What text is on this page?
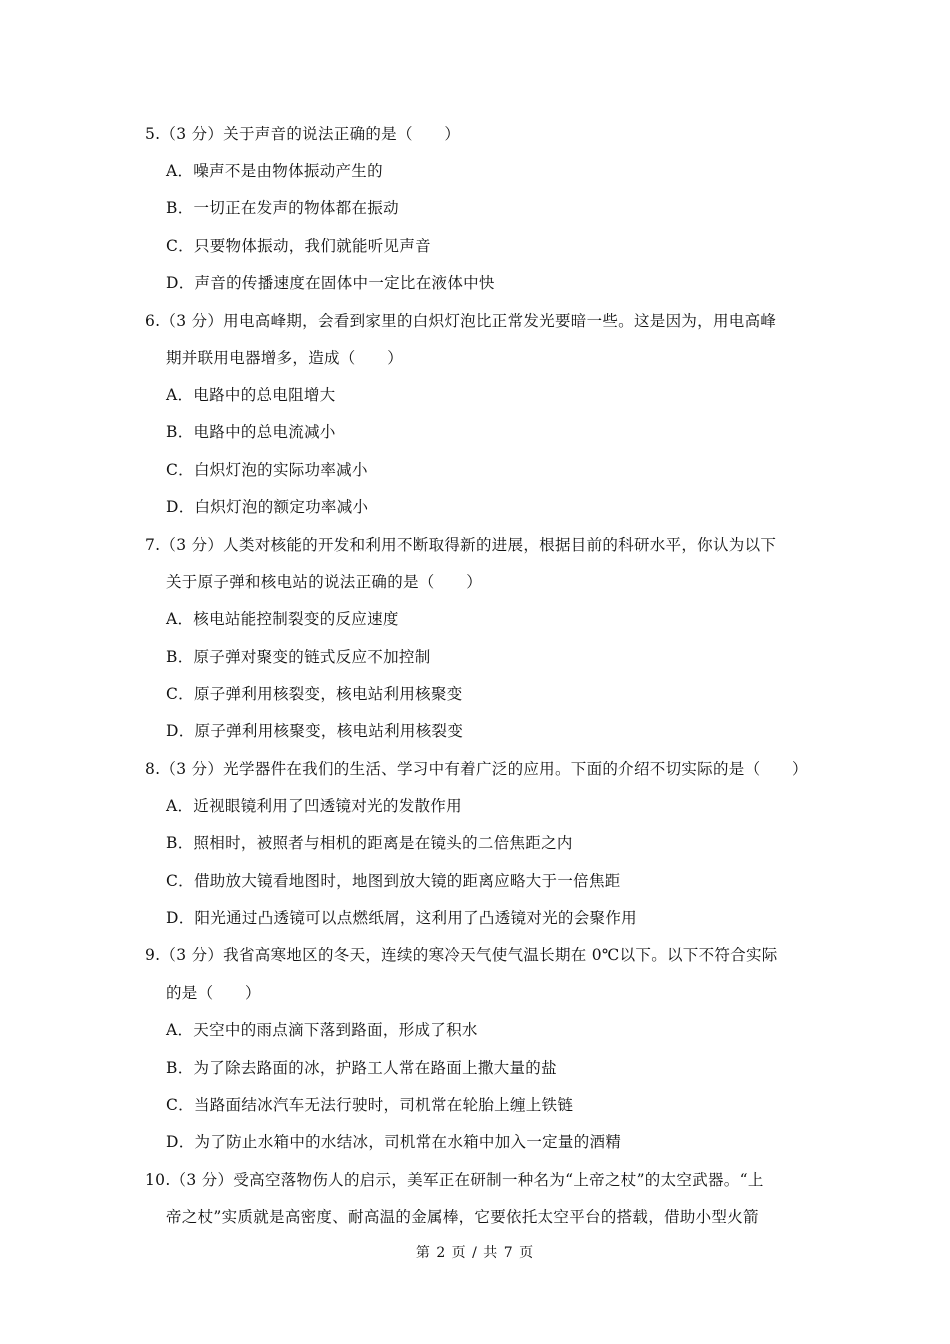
5.（3 分）关于声音的说法正确的是（　　）
A．噪声不是由物体振动产生的
B．一切正在发声的物体都在振动
C．只要物体振动，我们就能听见声音
D．声音的传播速度在固体中一定比在液体中快
6.（3 分）用电高峰期，会看到家里的白炽灯泡比正常发光要暗一些。这是因为，用电高峰
期并联用电器增多，造成（　　）
A．电路中的总电阻增大
B．电路中的总电流减小
C．白炽灯泡的实际功率减小
D．白炽灯泡的额定功率减小
7.（3 分）人类对核能的开发和利用不断取得新的进展，根据目前的科研水平，你认为以下
关于原子弹和核电站的说法正确的是（　　）
A．核电站能控制裂变的反应速度
B．原子弹对聚变的链式反应不加控制
C．原子弹利用核裂变，核电站利用核聚变
D．原子弹利用核聚变，核电站利用核裂变
8.（3 分）光学器件在我们的生活、学习中有着广泛的应用。下面的介绍不切实际的是（　　）
A．近视眼镜利用了凹透镜对光的发散作用
B．照相时，被照者与相机的距离是在镜头的二倍焦距之内
C．借助放大镜看地图时，地图到放大镜的距离应略大于一倍焦距
D．阳光通过凸透镜可以点燃纸屑，这利用了凸透镜对光的会聚作用
9.（3 分）我省高寒地区的冬天，连续的寒冷天气使气温长期在 0℃以下。以下不符合实际
的是（　　）
A．天空中的雨点滴下落到路面，形成了积水
B．为了除去路面的冰，护路工人常在路面上撒大量的盐
C．当路面结冰汽车无法行驶时，司机常在轮胎上缠上铁链
D．为了防止水箱中的水结冰，司机常在水箱中加入一定量的酒精
10.（3 分）受高空落物伤人的启示，美军正在研制一种名为“上帝之杖”的太空武器。“上
帝之杖”实质就是高密度、耐高温的金属棒，它要依托太空平台的搭载，借助小型火箭
第 2 页 / 共 7 页
